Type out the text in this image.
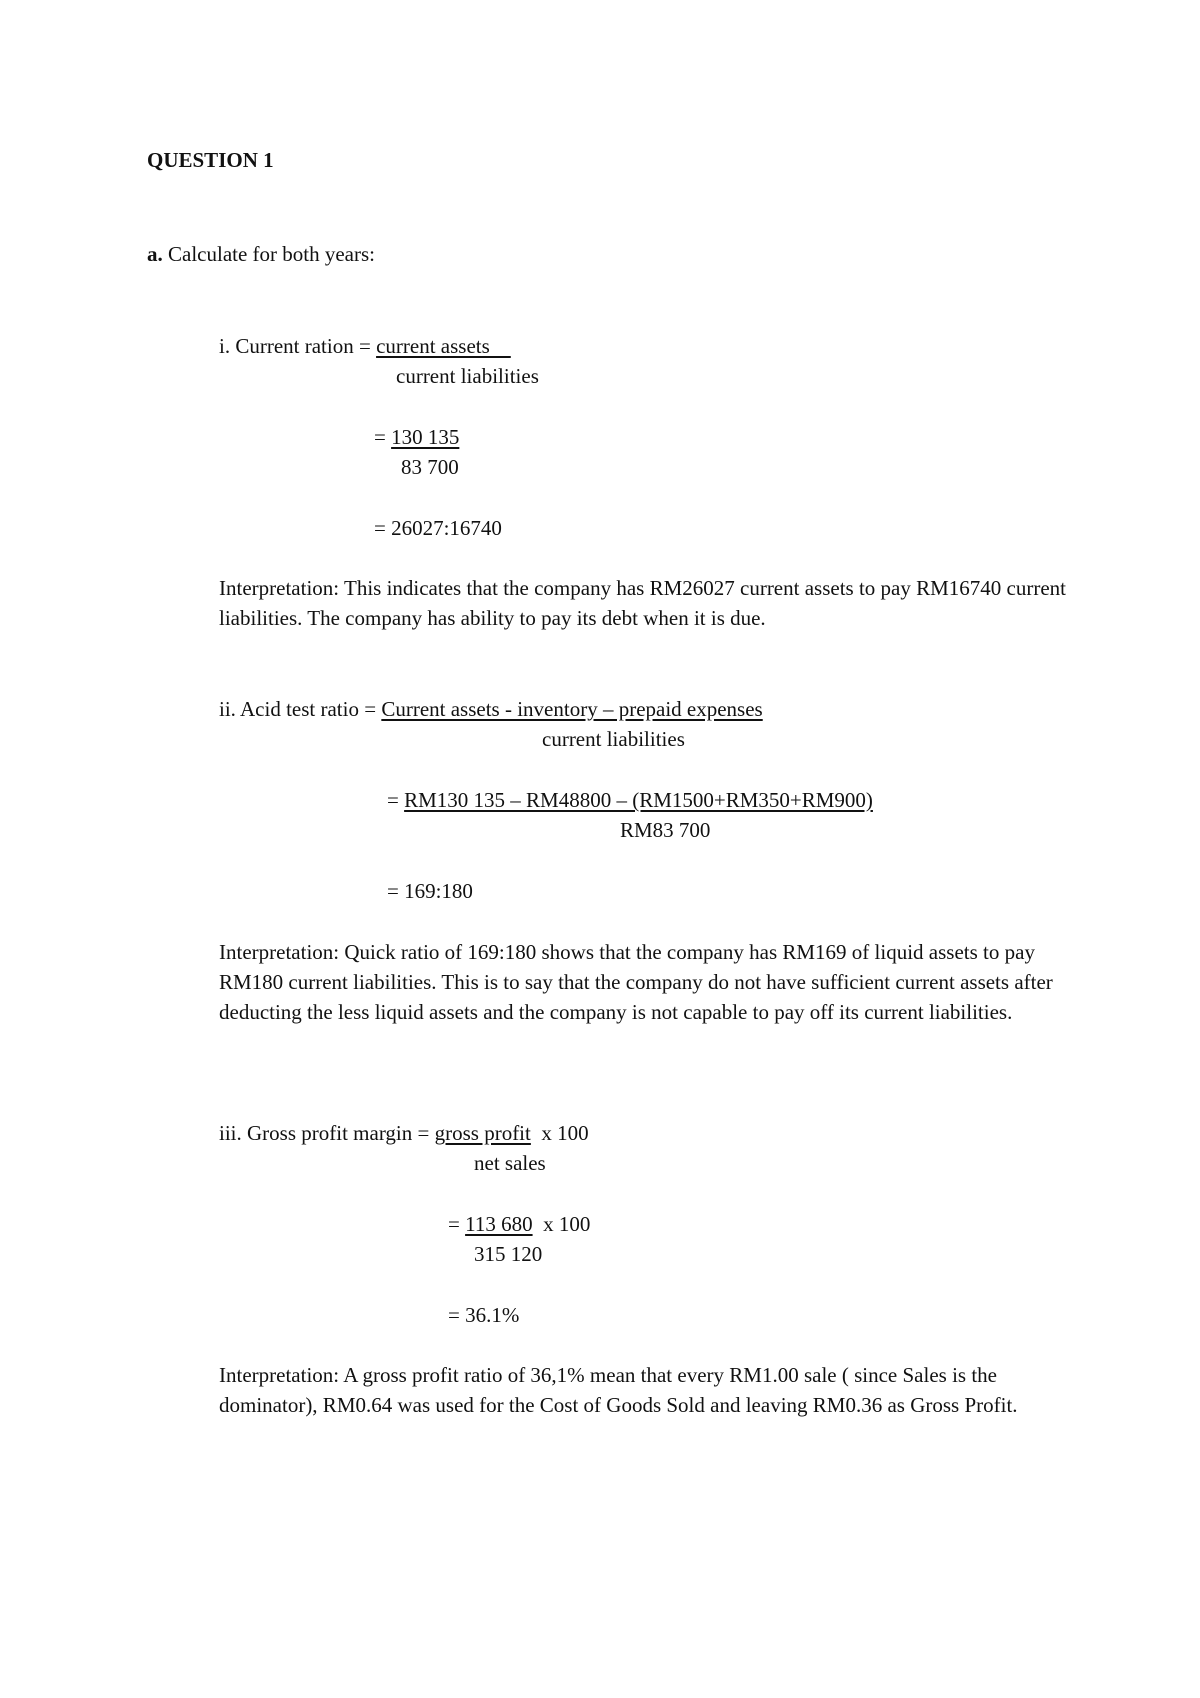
QUESTION 1
a. Calculate for both years:
i. Current ration = current assets
current liabilities
= 130 135
83 700
= 26027:16740
Interpretation: This indicates that the company has RM26027 current assets to pay RM16740 current liabilities. The company has ability to pay its debt when it is due.
ii. Acid test ratio = Current assets - inventory – prepaid expenses
current liabilities
= RM130 135 – RM48800 – (RM1500+RM350+RM900)
RM83 700
= 169:180
Interpretation: Quick ratio of 169:180 shows that the company has RM169 of liquid assets to pay RM180 current liabilities. This is to say that the company do not have sufficient current assets after deducting the less liquid assets and the company is not capable to pay off its current liabilities.
iii. Gross profit margin = gross profit  x 100
net sales
= 113 680  x 100
315 120
= 36.1%
Interpretation: A gross profit ratio of 36,1% mean that every RM1.00 sale ( since Sales is the dominator), RM0.64 was used for the Cost of Goods Sold and leaving RM0.36 as Gross Profit.
